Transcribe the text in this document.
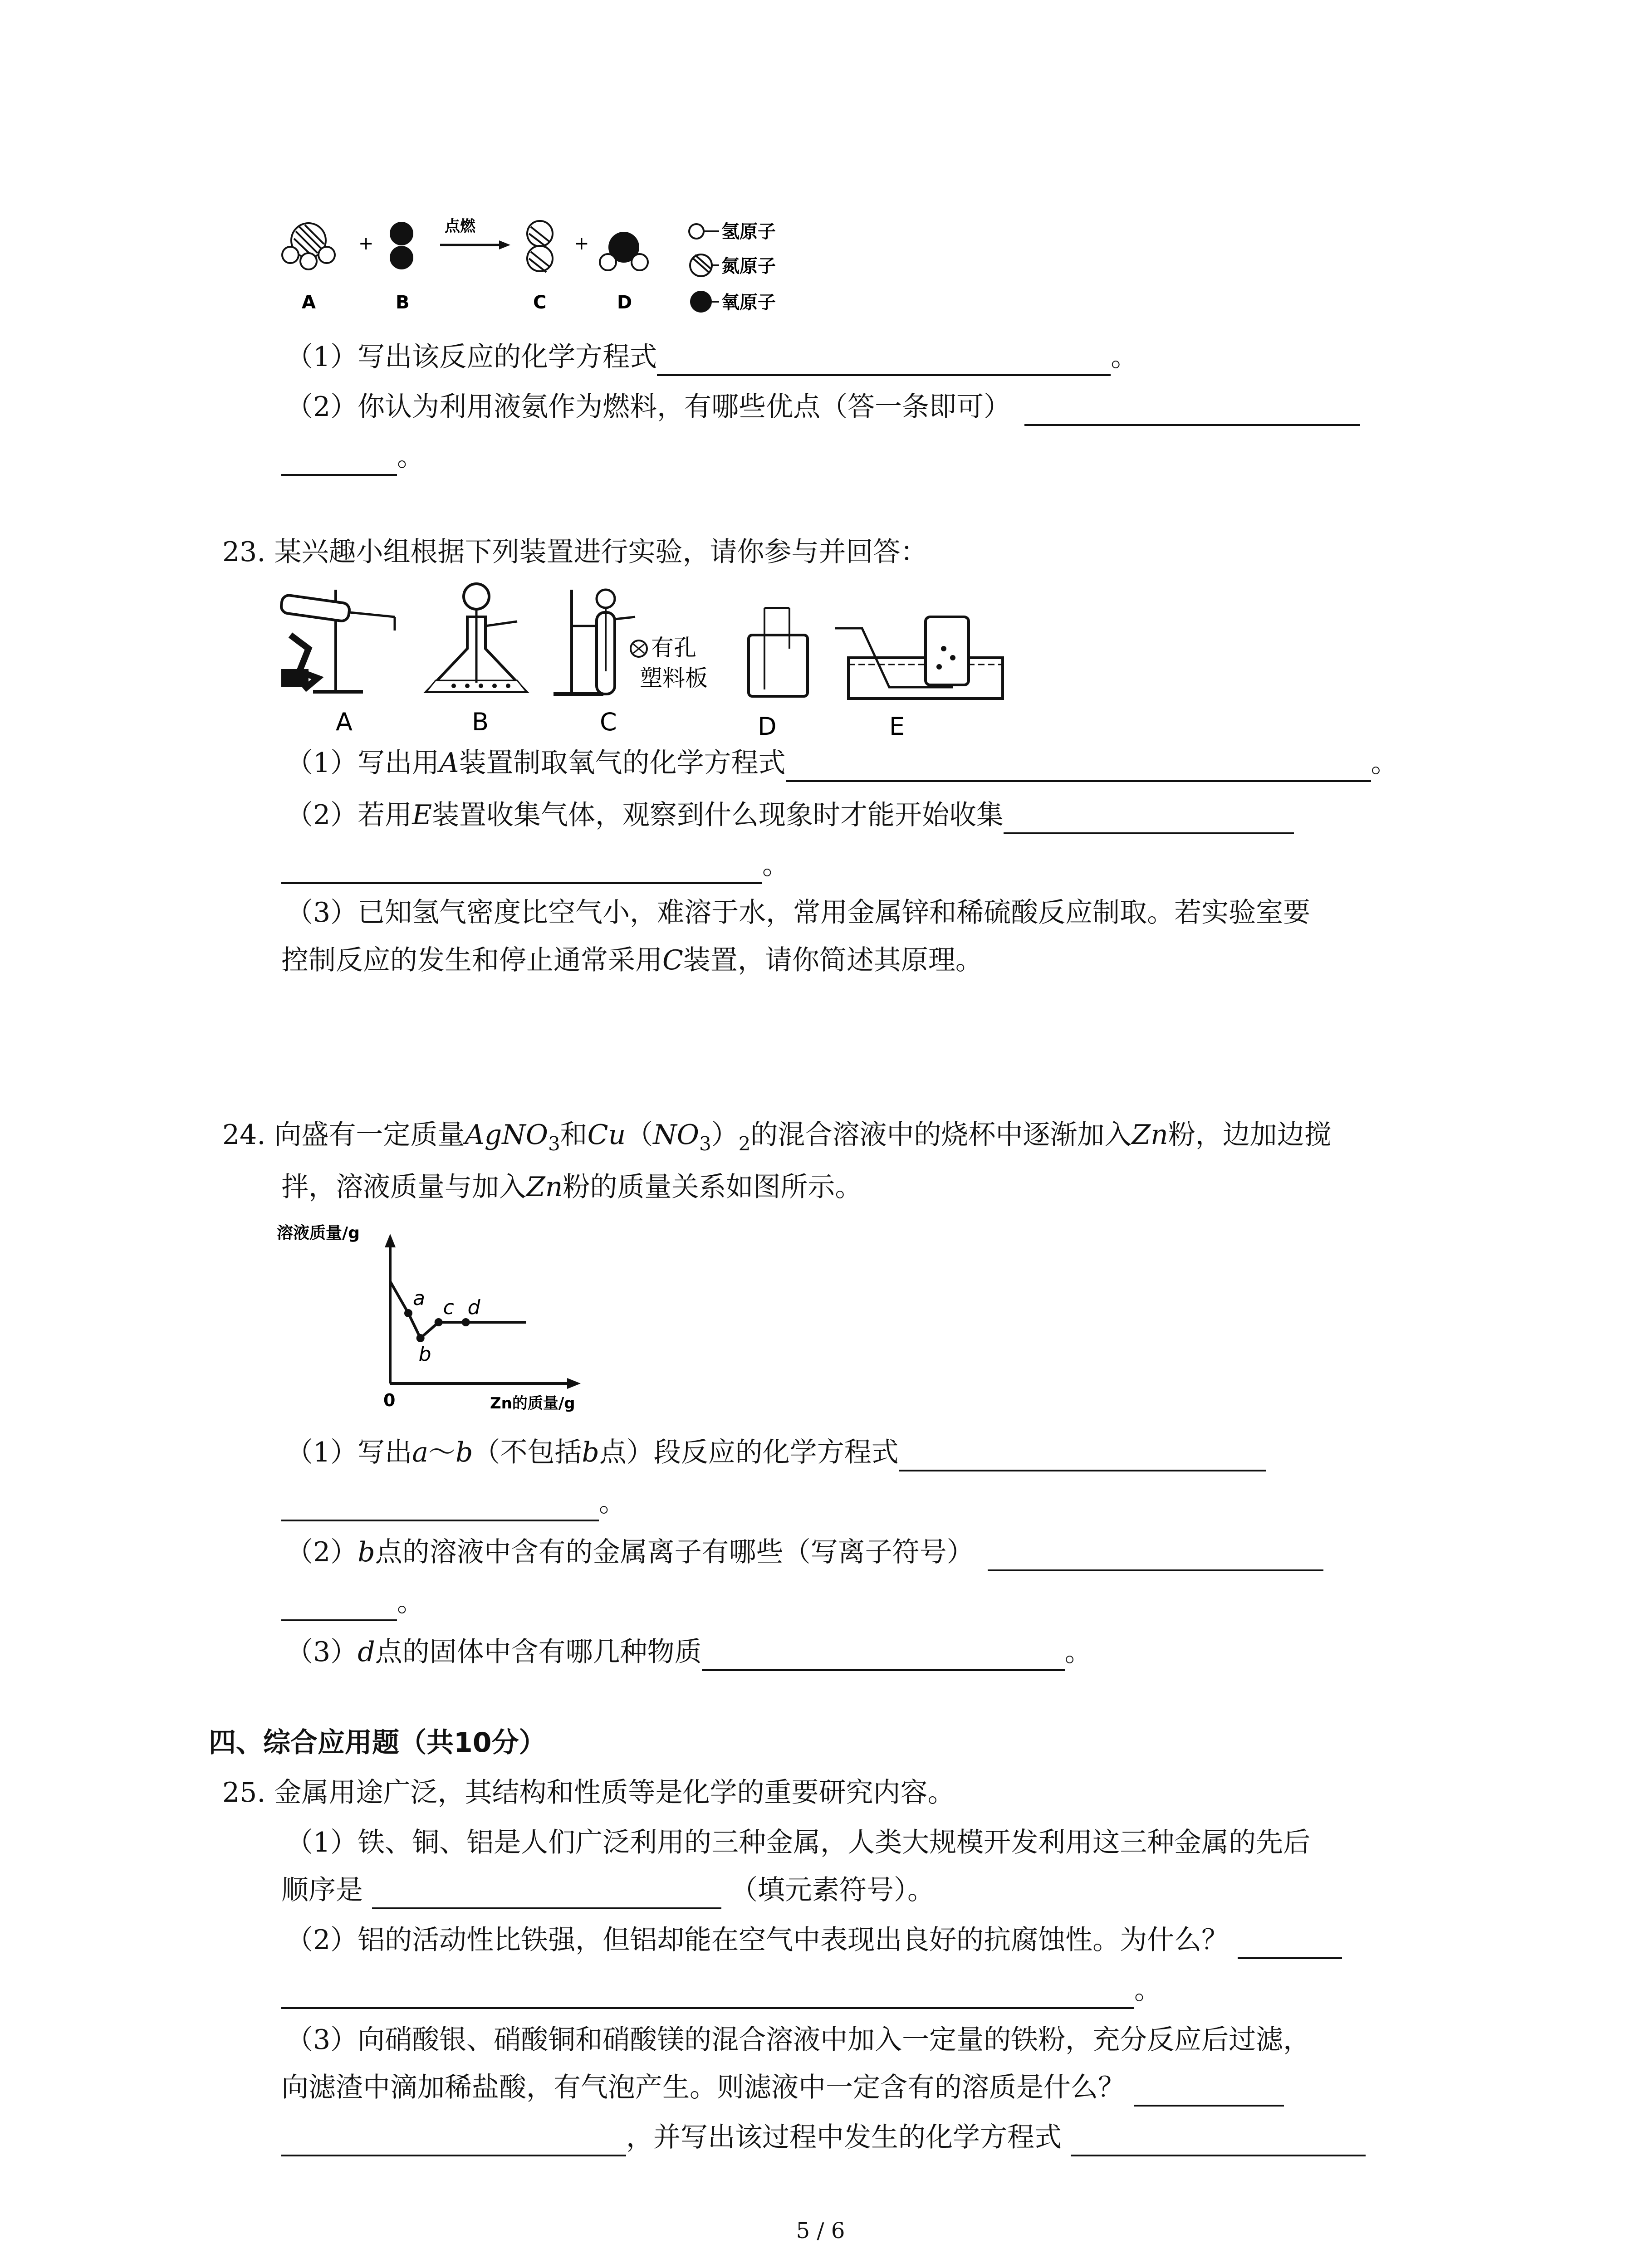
+
点燃
+
A	B	C	D
氢原子
氮原子
氧原子
（1）写出该反应的化学方程式	。
（2）你认为利用液氨作为燃料，有哪些优点（答一条即可）
。
23. 某兴趣小组根据下列装置进行实验，请你参与并回答：
有孔
塑料板
A	B	C	D	E
（1）写出用A装置制取氧气的化学方程式	。
（2）若用E装置收集气体，观察到什么现象时才能开始收集
。
（3）已知氢气密度比空气小，难溶于水，常用金属锌和稀硫酸反应制取。若实验室要
控制反应的发生和停止通常采用C装置，请你简述其原理。
24. 向盛有一定质量AgNO$_3$和$Cu(NO_3)_2$的混合溶液中的烧杯中逐渐加入Zn粉，边加边搅
拌，溶液质量与加入Zn粉的质量关系如图所示。
溶液质量/g
0	Zn的质量/g
a
b
c d
（1）写出a～b（不包括b点）段反应的化学方程式
。
（2）b点的溶液中含有的金属离子有哪些（写离子符号）
。
（3）d点的固体中含有哪几种物质	。
四、综合应用题（共10分）
25. 金属用途广泛，其结构和性质等是化学的重要研究内容。
（1）铁、铜、铝是人们广泛利用的三种金属，人类大规模开发利用这三种金属的先后
顺序是	（填元素符号）。
（2）铝的活动性比铁强，但铝却能在空气中表现出良好的抗腐蚀性。为什么？
。
（3）向硝酸银、硝酸铜和硝酸镁的混合溶液中加入一定量的铁粉，充分反应后过滤，
向滤渣中滴加稀盐酸，有气泡产生。则滤液中一定含有的溶质是什么？
，并写出该过程中发生的化学方程式
5 / 6
